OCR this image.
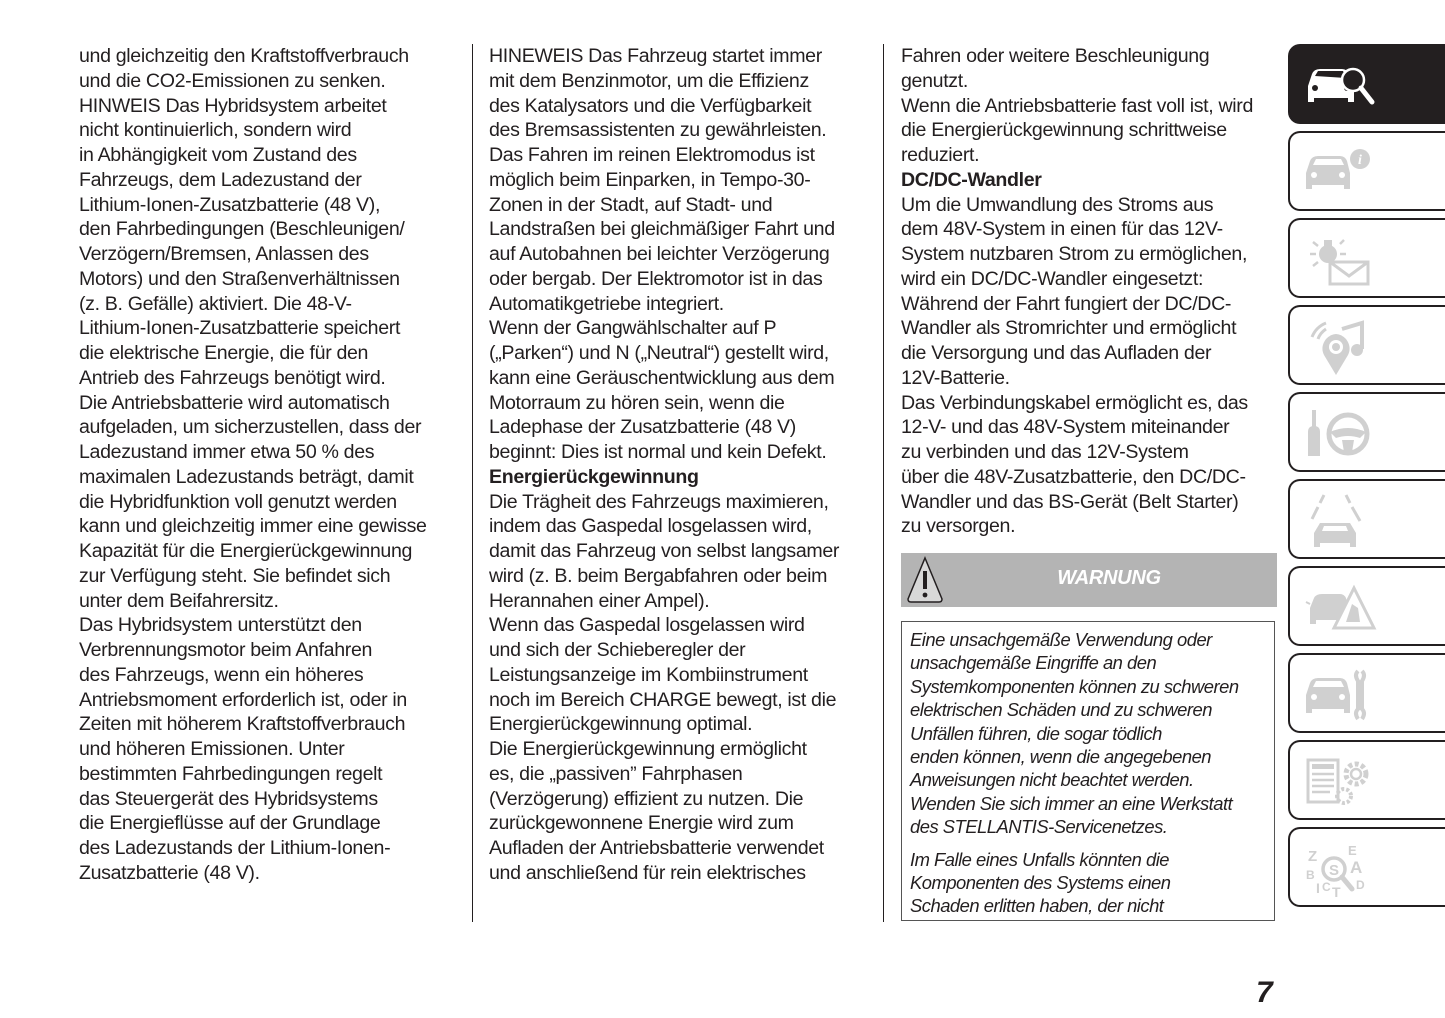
und gleichzeitig den Kraftstoffverbrauch
und die CO2-Emissionen zu senken.
HINWEIS Das Hybridsystem arbeitet
nicht kontinuierlich, sondern wird
in Abhängigkeit vom Zustand des
Fahrzeugs, dem Ladezustand der
Lithium-Ionen-Zusatzbatterie (48 V),
den Fahrbedingungen (Beschleunigen/
Verzögern/Bremsen, Anlassen des
Motors) und den Straßenverhältnissen
(z. B. Gefälle) aktiviert. Die 48-V-
Lithium-Ionen-Zusatzbatterie speichert
die elektrische Energie, die für den
Antrieb des Fahrzeugs benötigt wird.
Die Antriebsbatterie wird automatisch
aufgeladen, um sicherzustellen, dass der
Ladezustand immer etwa 50 % des
maximalen Ladezustands beträgt, damit
die Hybridfunktion voll genutzt werden
kann und gleichzeitig immer eine gewisse
Kapazität für die Energierückgewinnung
zur Verfügung steht. Sie befindet sich
unter dem Beifahrersitz.
Das Hybridsystem unterstützt den
Verbrennungsmotor beim Anfahren
des Fahrzeugs, wenn ein höheres
Antriebsmoment erforderlich ist, oder in
Zeiten mit höherem Kraftstoffverbrauch
und höheren Emissionen. Unter
bestimmten Fahrbedingungen regelt
das Steuergerät des Hybridsystems
die Energieflüsse auf der Grundlage
des Ladezustands der Lithium-Ionen-
Zusatzbatterie (48 V).
HINEWEIS Das Fahrzeug startet immer
mit dem Benzinmotor, um die Effizienz
des Katalysators und die Verfügbarkeit
des Bremsassistenten zu gewährleisten.
Das Fahren im reinen Elektromodus ist
möglich beim Einparken, in Tempo-30-
Zonen in der Stadt, auf Stadt- und
Landstraßen bei gleichmäßiger Fahrt und
auf Autobahnen bei leichter Verzögerung
oder bergab. Der Elektromotor ist in das
Automatikgetriebe integriert.
Wenn der Gangwählschalter auf P
(„Parken“) und N („Neutral“) gestellt wird,
kann eine Geräuschentwicklung aus dem
Motorraum zu hören sein, wenn die
Ladephase der Zusatzbatterie (48 V)
beginnt: Dies ist normal und kein Defekt.
Energierückgewinnung
Die Trägheit des Fahrzeugs maximieren,
indem das Gaspedal losgelassen wird,
damit das Fahrzeug von selbst langsamer
wird (z. B. beim Bergabfahren oder beim
Herannahen einer Ampel).
Wenn das Gaspedal losgelassen wird
und sich der Schieberegler der
Leistungsanzeige im Kombiinstrument
noch im Bereich CHARGE bewegt, ist die
Energierückgewinnung optimal.
Die Energierückgewinnung ermöglicht
es, die „passiven” Fahrphasen
(Verzögerung) effizient zu nutzen. Die
zurückgewonnene Energie wird zum
Aufladen der Antriebsbatterie verwendet
und anschließend für rein elektrisches
Fahren oder weitere Beschleunigung
genutzt.
Wenn die Antriebsbatterie fast voll ist, wird
die Energierückgewinnung schrittweise
reduziert.
DC/DC-Wandler
Um die Umwandlung des Stroms aus
dem 48V-System in einen für das 12V-
System nutzbaren Strom zu ermöglichen,
wird ein DC/DC-Wandler eingesetzt:
Während der Fahrt fungiert der DC/DC-
Wandler als Stromrichter und ermöglicht
die Versorgung und das Aufladen der
12V-Batterie.
Das Verbindungskabel ermöglicht es, das
12-V- und das 48V-System miteinander
zu verbinden und das 12V-System
über die 48V-Zusatzbatterie, den DC/DC-
Wandler und das BS-Gerät (Belt Starter)
zu versorgen.
WARNUNG
Eine unsachgemäße Verwendung oder
unsachgemäße Eingriffe an den
Systemkomponenten können zu schweren
elektrischen Schäden und zu schweren
Unfällen führen, die sogar tödlich
enden können, wenn die angegebenen
Anweisungen nicht beachtet werden.
Wenden Sie sich immer an eine Werkstatt
des STELLANTIS-Servicenetzes.
Im Falle eines Unfalls könnten die
Komponenten des Systems einen
Schaden erlitten haben, der nicht
i
Z E
A
B
I C T D
S
7
